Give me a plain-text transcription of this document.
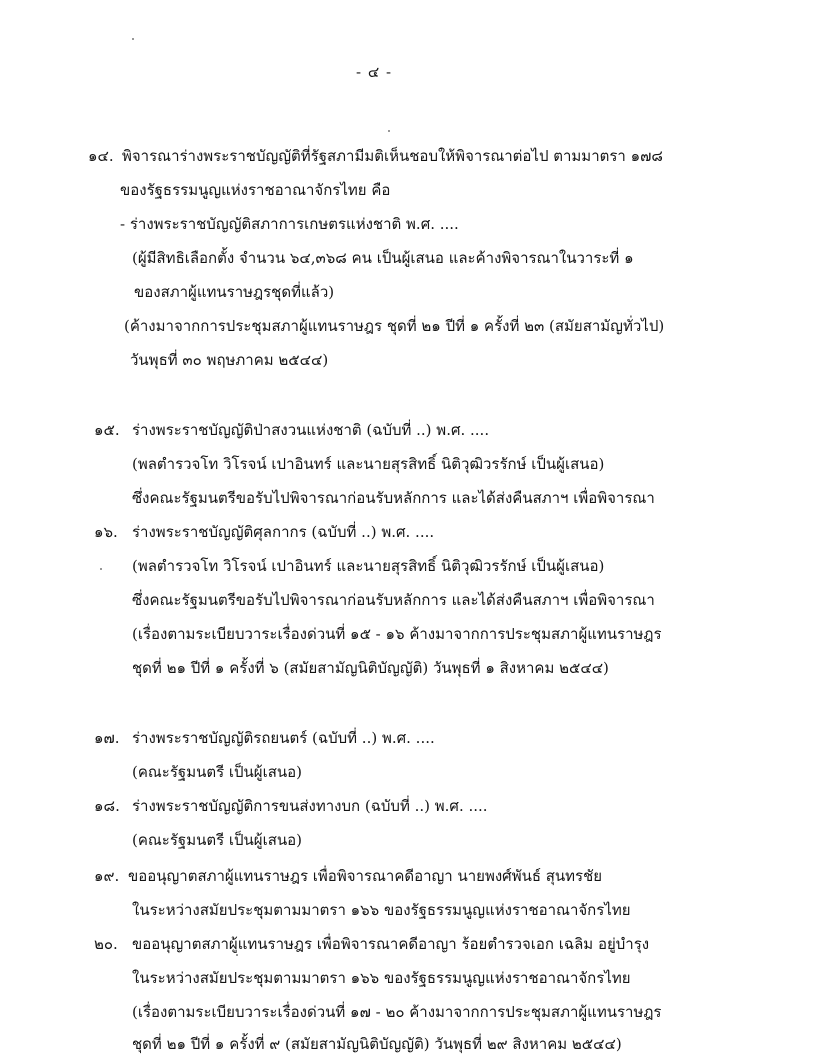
- ๔ -
๑๔. พิจารณาร่างพระราชบัญญัติที่รัฐสภามีมติเห็นชอบให้พิจารณาต่อไป ตามมาตรา ๑๗๘
ของรัฐธรรมนูญแห่งราชอาณาจักรไทย คือ
- ร่างพระราชบัญญัติสภาการเกษตรแห่งชาติ พ.ศ. ....
(ผู้มีสิทธิเลือกตั้ง จำนวน ๖๔,๓๖๘ คน เป็นผู้เสนอ และค้างพิจารณาในวาระที่ ๑
ของสภาผู้แทนราษฎรชุดที่แล้ว)
(ค้างมาจากการประชุมสภาผู้แทนราษฎร ชุดที่ ๒๑ ปีที่ ๑ ครั้งที่ ๒๓ (สมัยสามัญทั่วไป)
วันพุธที่ ๓๐ พฤษภาคม ๒๕๔๔)
๑๕. ร่างพระราชบัญญัติป่าสงวนแห่งชาติ (ฉบับที่ ..) พ.ศ. ....
(พลตำรวจโท วิโรจน์ เปาอินทร์ และนายสุรสิทธิ์ นิติวุฒิวรรักษ์ เป็นผู้เสนอ)
ซึ่งคณะรัฐมนตรีขอรับไปพิจารณาก่อนรับหลักการ และได้ส่งคืนสภาฯ เพื่อพิจารณา
๑๖. ร่างพระราชบัญญัติศุลกากร (ฉบับที่ ..) พ.ศ. ....
(พลตำรวจโท วิโรจน์ เปาอินทร์ และนายสุรสิทธิ์ นิติวุฒิวรรักษ์ เป็นผู้เสนอ)
ซึ่งคณะรัฐมนตรีขอรับไปพิจารณาก่อนรับหลักการ และได้ส่งคืนสภาฯ เพื่อพิจารณา
(เรื่องตามระเบียบวาระเรื่องด่วนที่ ๑๕ - ๑๖ ค้างมาจากการประชุมสภาผู้แทนราษฎร
ชุดที่ ๒๑ ปีที่ ๑ ครั้งที่ ๖ (สมัยสามัญนิติบัญญัติ) วันพุธที่ ๑ สิงหาคม ๒๕๔๔)
๑๗. ร่างพระราชบัญญัติรถยนตร์ (ฉบับที่ ..) พ.ศ. ....
(คณะรัฐมนตรี เป็นผู้เสนอ)
๑๘. ร่างพระราชบัญญัติการขนส่งทางบก (ฉบับที่ ..) พ.ศ. ....
(คณะรัฐมนตรี เป็นผู้เสนอ)
๑๙. ขออนุญาตสภาผู้แทนราษฎร เพื่อพิจารณาคดีอาญา นายพงศ์พันธ์ สุนทรชัย
ในระหว่างสมัยประชุมตามมาตรา ๑๖๖ ของรัฐธรรมนูญแห่งราชอาณาจักรไทย
๒๐. ขออนุญาตสภาผู้แทนราษฎร เพื่อพิจารณาคดีอาญา ร้อยตำรวจเอก เฉลิม อยู่บำรุง
ในระหว่างสมัยประชุมตามมาตรา ๑๖๖ ของรัฐธรรมนูญแห่งราชอาณาจักรไทย
(เรื่องตามระเบียบวาระเรื่องด่วนที่ ๑๗ - ๒๐ ค้างมาจากการประชุมสภาผู้แทนราษฎร
ชุดที่ ๒๑ ปีที่ ๑ ครั้งที่ ๙ (สมัยสามัญนิติบัญญัติ) วันพุธที่ ๒๙ สิงหาคม ๒๕๔๔)
